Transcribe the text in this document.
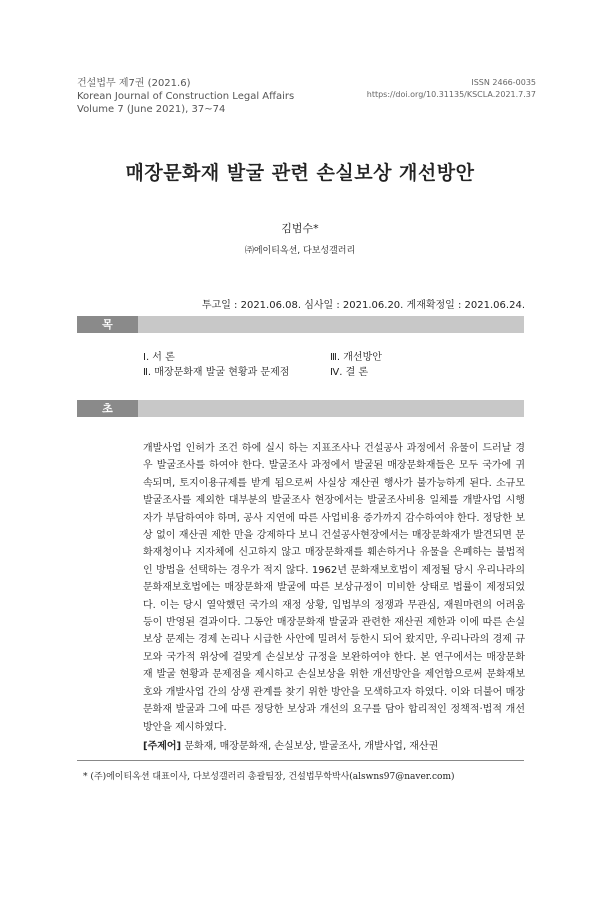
건설법무 제7권 (2021.6)
Korean Journal of Construction Legal Affairs
Volume 7 (June 2021), 37~74
ISSN 2466-0035
https://doi.org/10.31135/KSCLA.2021.7.37
매장문화재 발굴 관련 손실보상 개선방안
김범수*
㈜에이티옥션, 다보성갤러리
투고일 : 2021.06.08. 심사일 : 2021.06.20. 게재확정일 : 2021.06.24.
목 차
Ⅰ. 서 론
Ⅱ. 매장문화재 발굴 현황과 문제점
Ⅲ. 개선방안
Ⅳ. 결 론
초 록
개발사업 인허가 조건 하에 실시 하는 지표조사나 건설공사 과정에서 유물이 드러날 경우 발굴조사를 하여야 한다. 발굴조사 과정에서 발굴된 매장문화재들은 모두 국가에 귀속되며, 토지이용규제를 받게 됨으로써 사실상 재산권 행사가 불가능하게 된다. 소규모 발굴조사를 제외한 대부분의 발굴조사 현장에서는 발굴조사비용 일체를 개발사업 시행자가 부담하여야 하며, 공사 지연에 따른 사업비용 증가까지 감수하여야 한다. 정당한 보상 없이 재산권 제한 만을 강제하다 보니 건설공사현장에서는 매장문화재가 발견되면 문화재청이나 지자체에 신고하지 않고 매장문화재를 훼손하거나 유물을 은폐하는 불법적인 방법을 선택하는 경우가 적지 않다. 1962년 문화재보호법이 제정될 당시 우리나라의 문화재보호법에는 매장문화재 발굴에 따른 보상규정이 미비한 상태로 법률이 제정되었다. 이는 당시 열악했던 국가의 재정 상황, 입법부의 정쟁과 무관심, 재원마련의 어려움 등이 반영된 결과이다. 그동안 매장문화재 발굴과 관련한 재산권 제한과 이에 따른 손실보상 문제는 경제 논리나 시급한 사안에 밀려서 등한시 되어 왔지만, 우리나라의 경제 규모와 국가적 위상에 걸맞게 손실보상 규정을 보완하여야 한다. 본 연구에서는 매장문화재 발굴 현황과 문제점을 제시하고 손실보상을 위한 개선방안을 제언함으로써 문화재보호와 개발사업 간의 상생 관계를 찾기 위한 방안을 모색하고자 하였다. 이와 더불어 매장문화재 발굴과 그에 따른 정당한 보상과 개선의 요구를 담아 합리적인 정책적·법적 개선방안을 제시하였다.
[주제어] 문화재, 매장문화재, 손실보상, 발굴조사, 개발사업, 재산권
* (주)에이티옥션 대표이사, 다보성갤러리 총괄팀장, 건설법무학박사(alswns97@naver.com)
